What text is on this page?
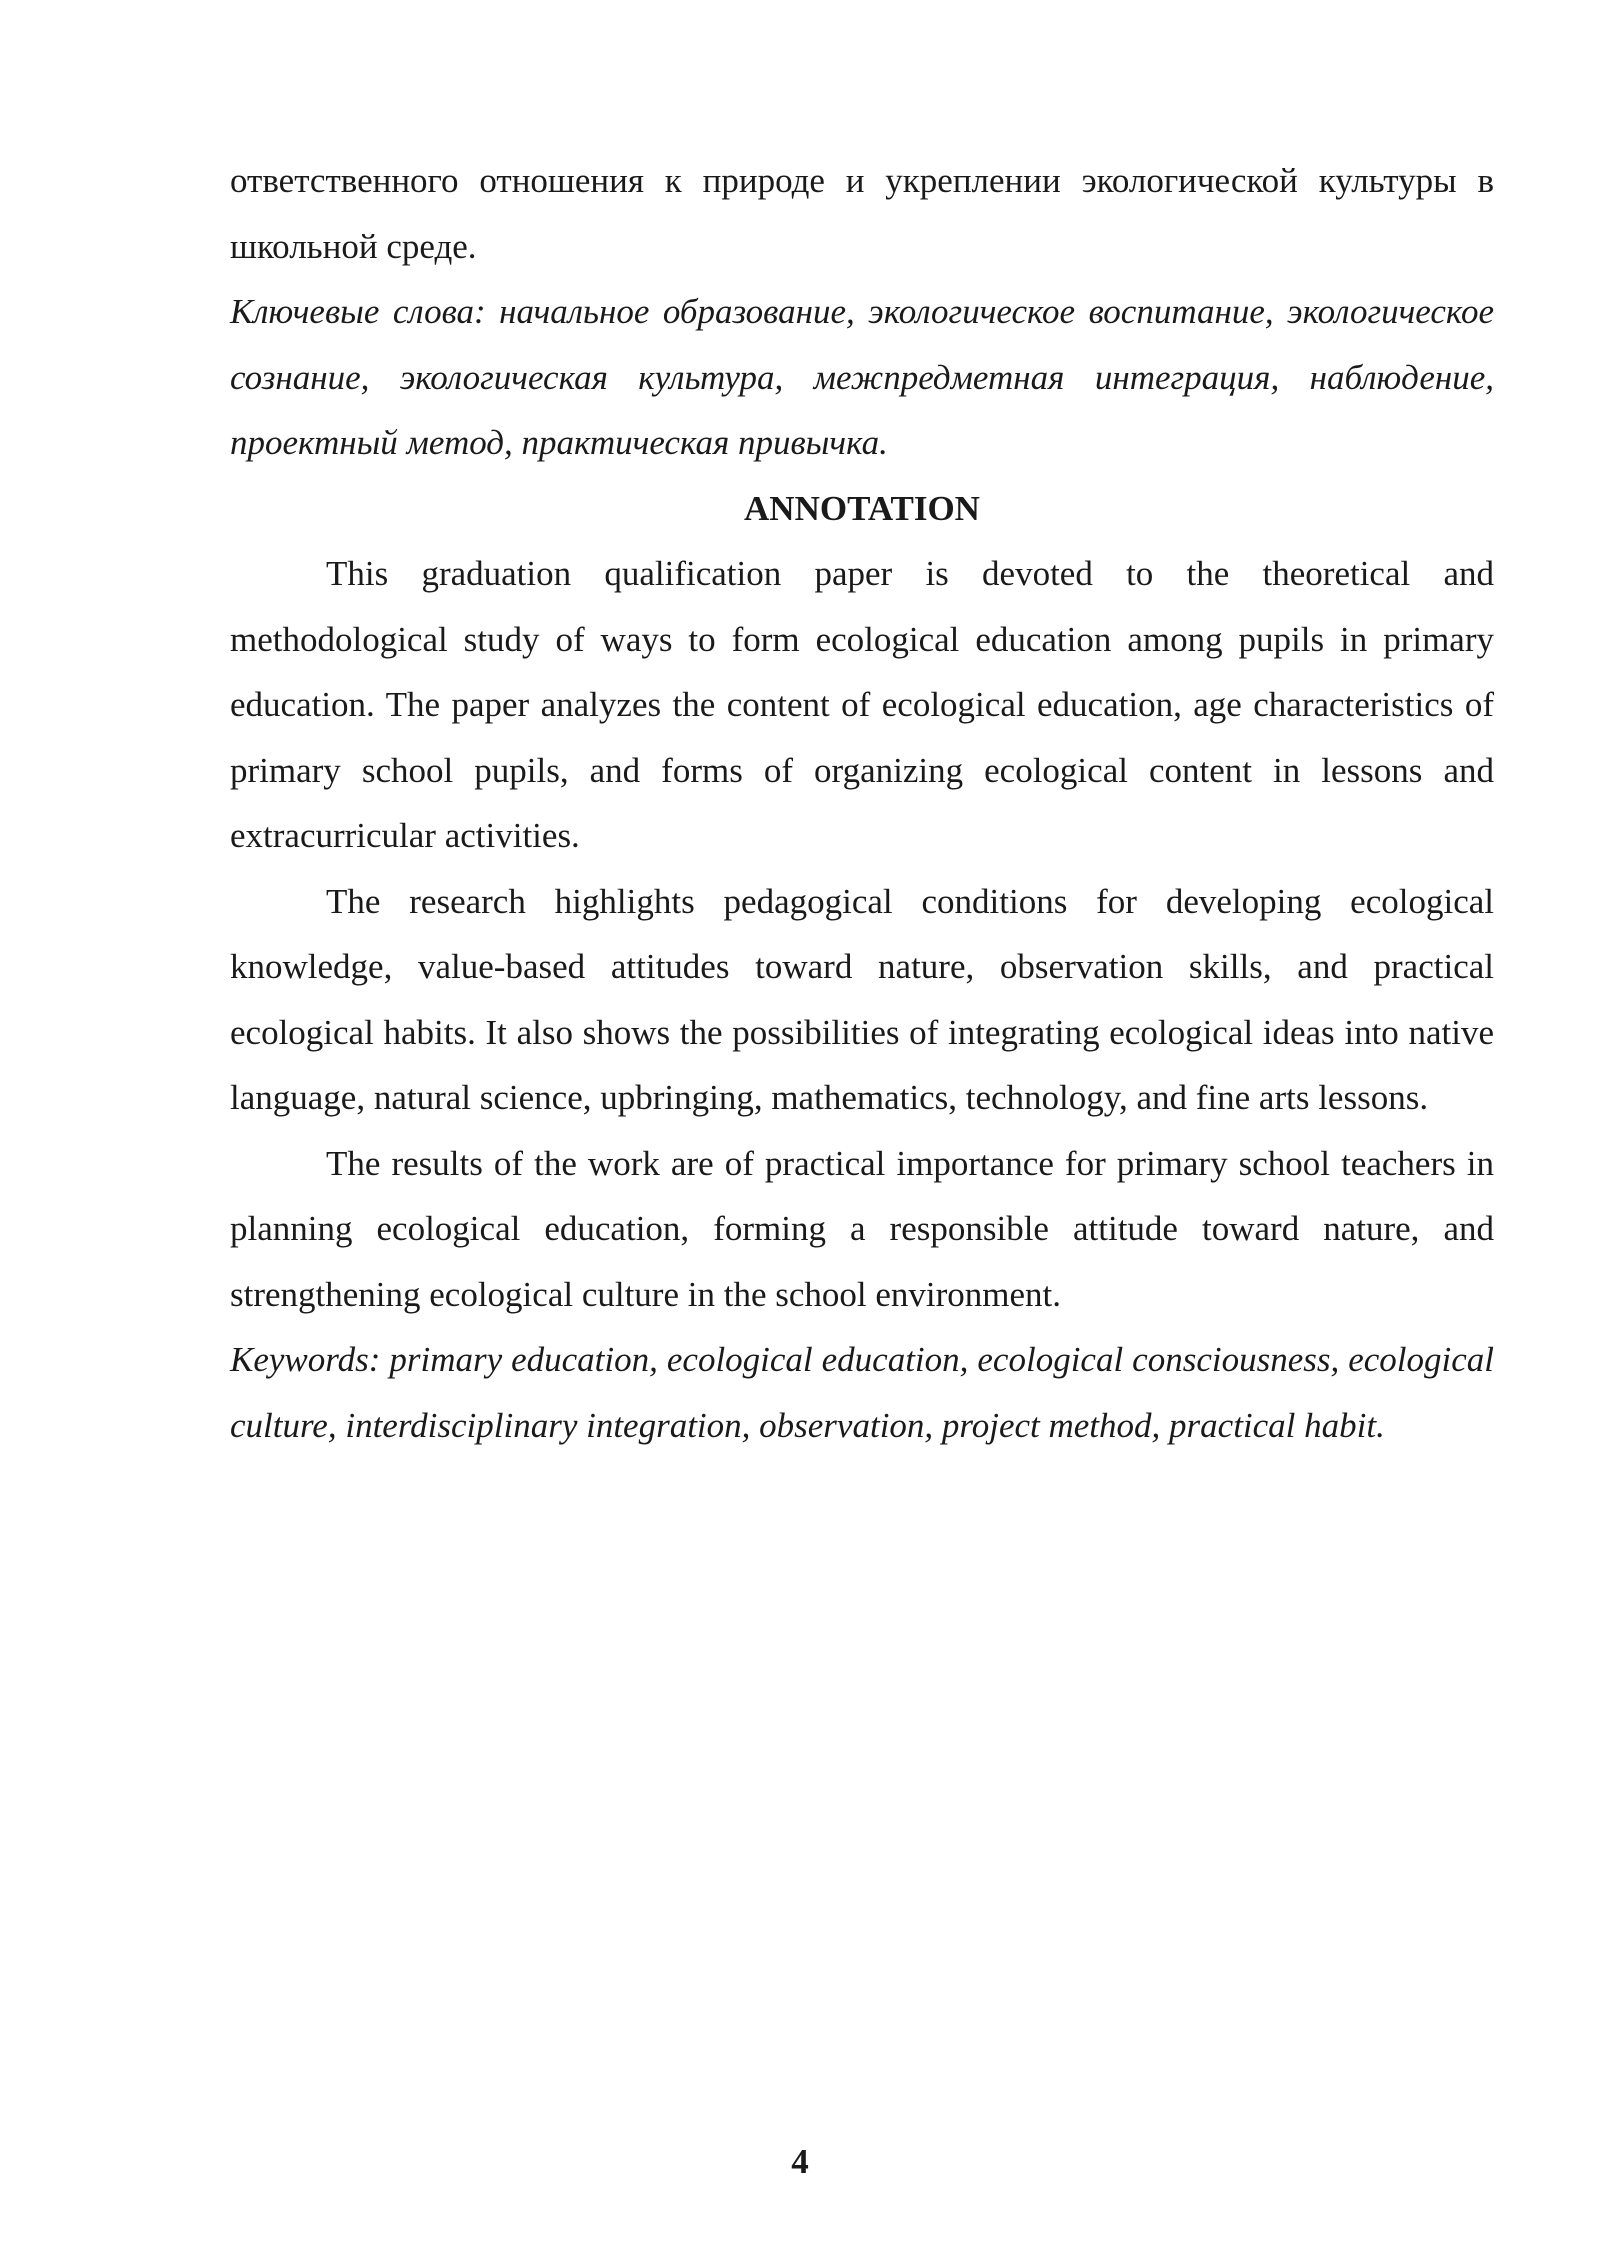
ответственного отношения к природе и укреплении экологической культуры в школьной среде.

Ключевые слова: начальное образование, экологическое воспитание, экологическое сознание, экологическая культура, межпредметная интеграция, наблюдение, проектный метод, практическая привычка.

ANNOTATION

This graduation qualification paper is devoted to the theoretical and methodological study of ways to form ecological education among pupils in primary education. The paper analyzes the content of ecological education, age characteristics of primary school pupils, and forms of organizing ecological content in lessons and extracurricular activities.

The research highlights pedagogical conditions for developing ecological knowledge, value-based attitudes toward nature, observation skills, and practical ecological habits. It also shows the possibilities of integrating ecological ideas into native language, natural science, upbringing, mathematics, technology, and fine arts lessons.

The results of the work are of practical importance for primary school teachers in planning ecological education, forming a responsible attitude toward nature, and strengthening ecological culture in the school environment.

Keywords: primary education, ecological education, ecological consciousness, ecological culture, interdisciplinary integration, observation, project method, practical habit.

4
